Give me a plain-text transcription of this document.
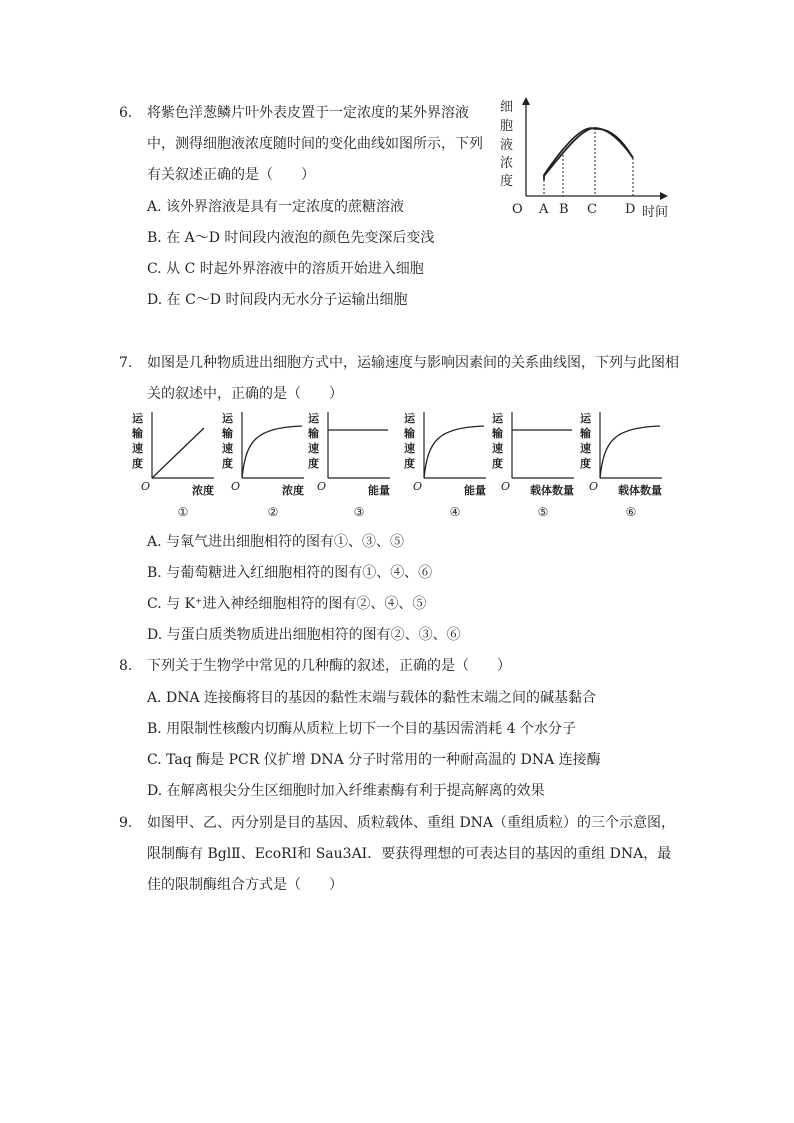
6. 将紫色洋葱鳞片叶外表皮置于一定浓度的某外界溶液
中，测得细胞液浓度随时间的变化曲线如图所示，下列
有关叙述正确的是（　　）
A. 该外界溶液是具有一定浓度的蔗糖溶液
B. 在 A～D 时间段内液泡的颜色先变深后变浅
C. 从 C 时起外界溶液中的溶质开始进入细胞
D. 在 C～D 时间段内无水分子运输出细胞
细
胞
液
浓
度
O A B C D 时间
7. 如图是几种物质进出细胞方式中，运输速度与影响因素间的关系曲线图，下列与此图相
关的叙述中，正确的是（　　）
运
输
速
度
O	浓度
①
运
输
速
度
O	浓度
②
运
输
速
度
O	能量
③
运
输
速
度
O	能量
④
运
输
速
度
O 载体数量
⑤
运
输
速
度
O 载体数量
⑥
A. 与氧气进出细胞相符的图有①、③、⑤
B. 与葡萄糖进入红细胞相符的图有①、④、⑥
C. 与 K⁺进入神经细胞相符的图有②、④、⑤
D. 与蛋白质类物质进出细胞相符的图有②、③、⑥
8. 下列关于生物学中常见的几种酶的叙述，正确的是（　　）
A. DNA 连接酶将目的基因的黏性末端与载体的黏性末端之间的碱基黏合
B. 用限制性核酸内切酶从质粒上切下一个目的基因需消耗 4 个水分子
C. Taq 酶是 PCR 仪扩增 DNA 分子时常用的一种耐高温的 DNA 连接酶
D. 在解离根尖分生区细胞时加入纤维素酶有利于提高解离的效果
9. 如图甲、乙、丙分别是目的基因、质粒载体、重组 DNA（重组质粒）的三个示意图，
限制酶有 BglⅡ、EcoRⅠ和 Sau3AⅠ．要获得理想的可表达目的基因的重组 DNA，最
佳的限制酶组合方式是（　　）
